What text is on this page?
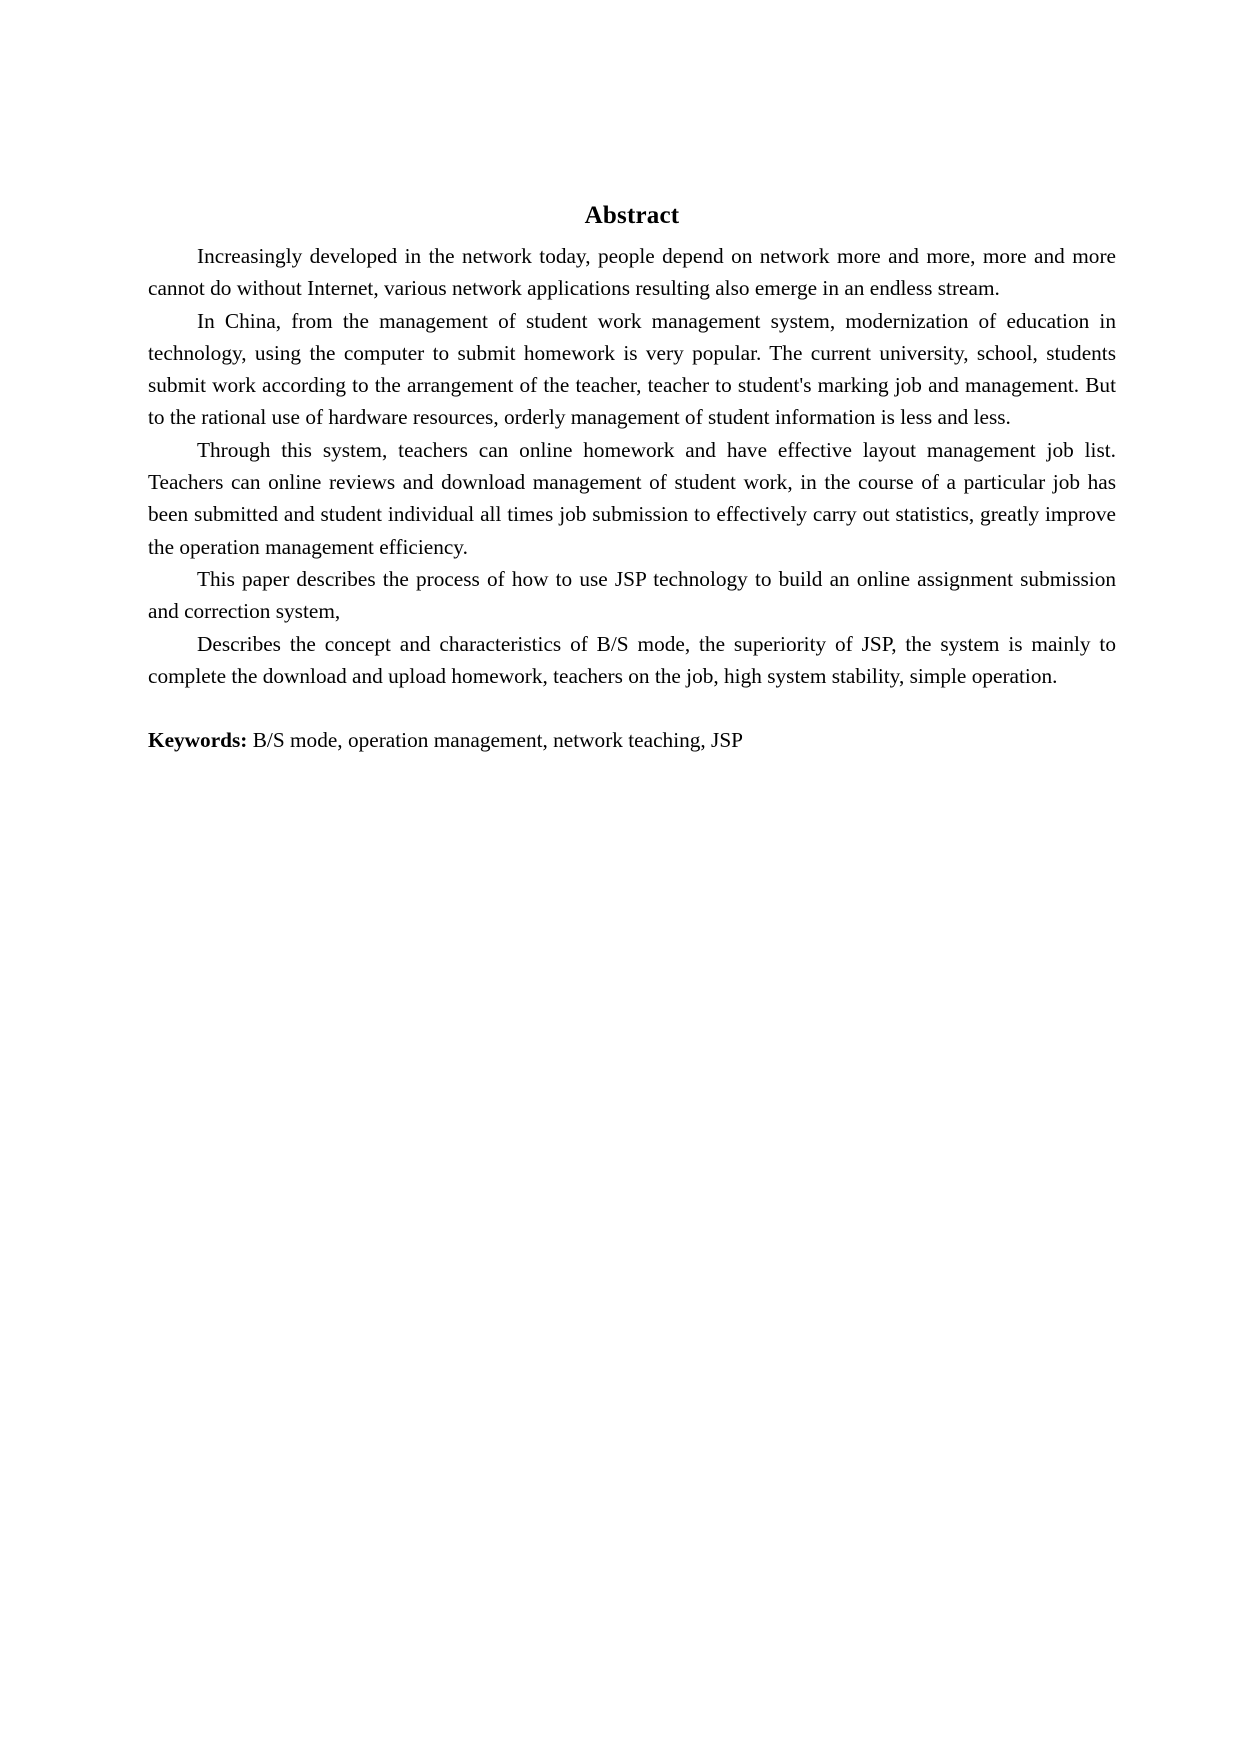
Abstract

Increasingly developed in the network today, people depend on network more and more, more and more cannot do without Internet, various network applications resulting also emerge in an endless stream.

In China, from the management of student work management system, modernization of education in technology, using the computer to submit homework is very popular. The current university, school, students submit work according to the arrangement of the teacher, teacher to student's marking job and management. But to the rational use of hardware resources, orderly management of student information is less and less.

Through this system, teachers can online homework and have effective layout management job list. Teachers can online reviews and download management of student work, in the course of a particular job has been submitted and student individual all times job submission to effectively carry out statistics, greatly improve the operation management efficiency.

This paper describes the process of how to use JSP technology to build an online assignment submission and correction system,

Describes the concept and characteristics of B/S mode, the superiority of JSP, the system is mainly to complete the download and upload homework, teachers on the job, high system stability, simple operation.

Keywords: B/S mode, operation management, network teaching, JSP
